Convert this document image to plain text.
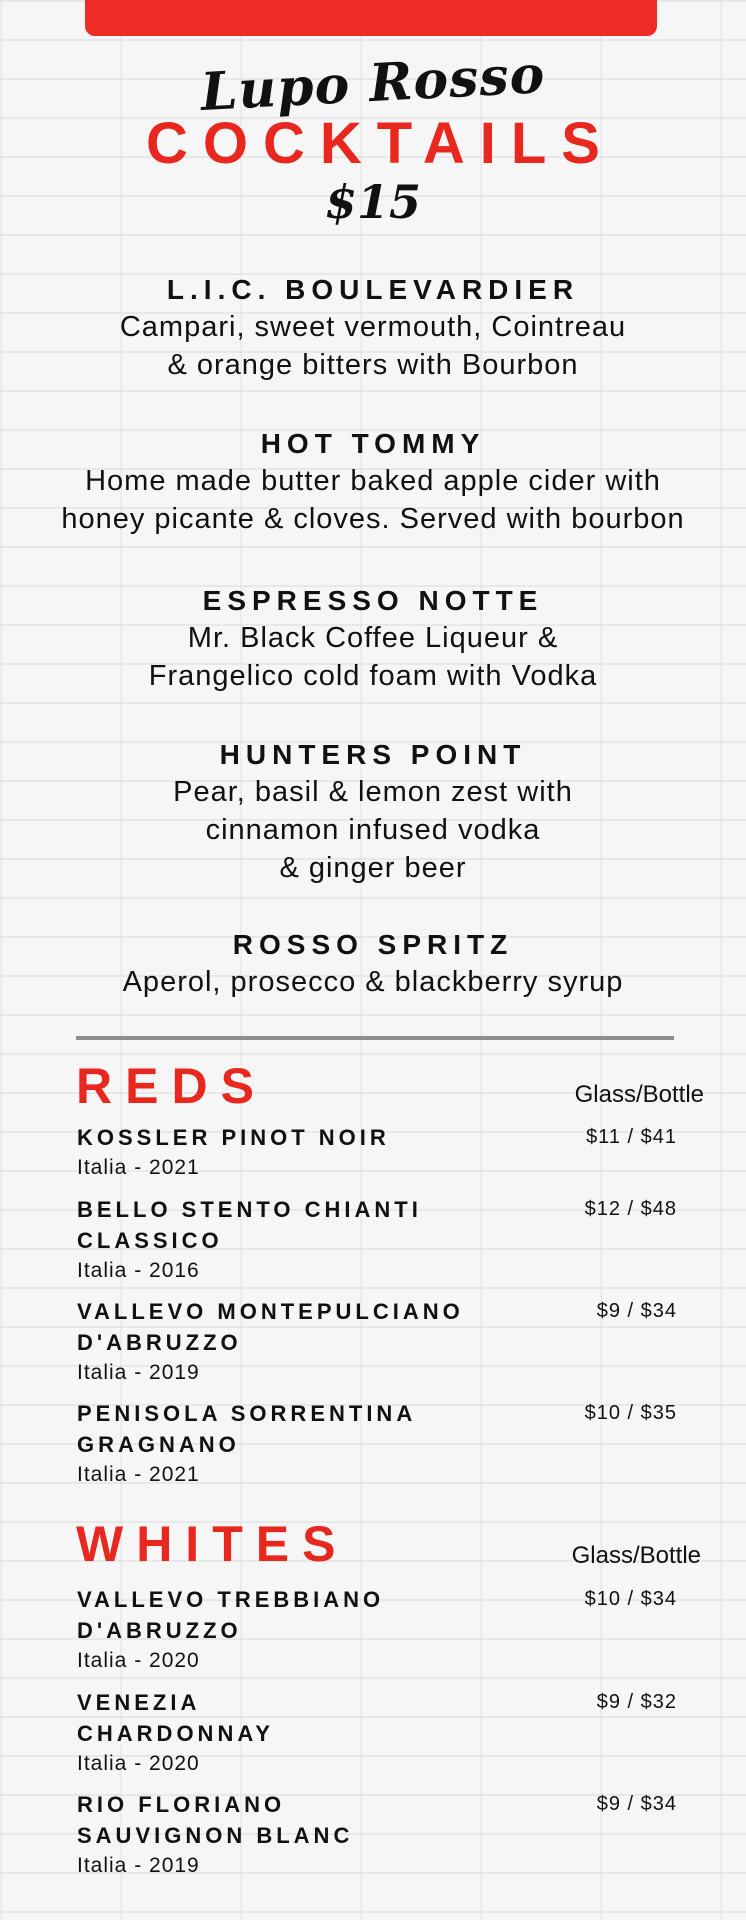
Lupo Rosso
COCKTAILS
$15
L.I.C. BOULEVARDIER
Campari, sweet vermouth, Cointreau
& orange bitters with Bourbon
HOT TOMMY
Home made butter baked apple cider with
honey picante & cloves. Served with bourbon
ESPRESSO NOTTE
Mr. Black Coffee Liqueur &
Frangelico cold foam with Vodka
HUNTERS POINT
Pear, basil & lemon zest with
cinnamon infused vodka
& ginger beer
ROSSO SPRITZ
Aperol, prosecco & blackberry syrup
REDS	Glass/Bottle
KOSSLER PINOT NOIR
Italia - 2021
$11 / $41
BELLO STENTO CHIANTI
CLASSICO
Italia - 2016
$12 / $48
VALLEVO MONTEPULCIANO
D'ABRUZZO
Italia - 2019
$9 / $34
PENISOLA SORRENTINA
GRAGNANO
Italia - 2021
$10 / $35
WHITES	Glass/Bottle
VALLEVO TREBBIANO
D'ABRUZZO
Italia - 2020
$10 / $34
VENEZIA
CHARDONNAY
Italia - 2020
$9 / $32
RIO FLORIANO
SAUVIGNON BLANC
Italia - 2019
$9 / $34
